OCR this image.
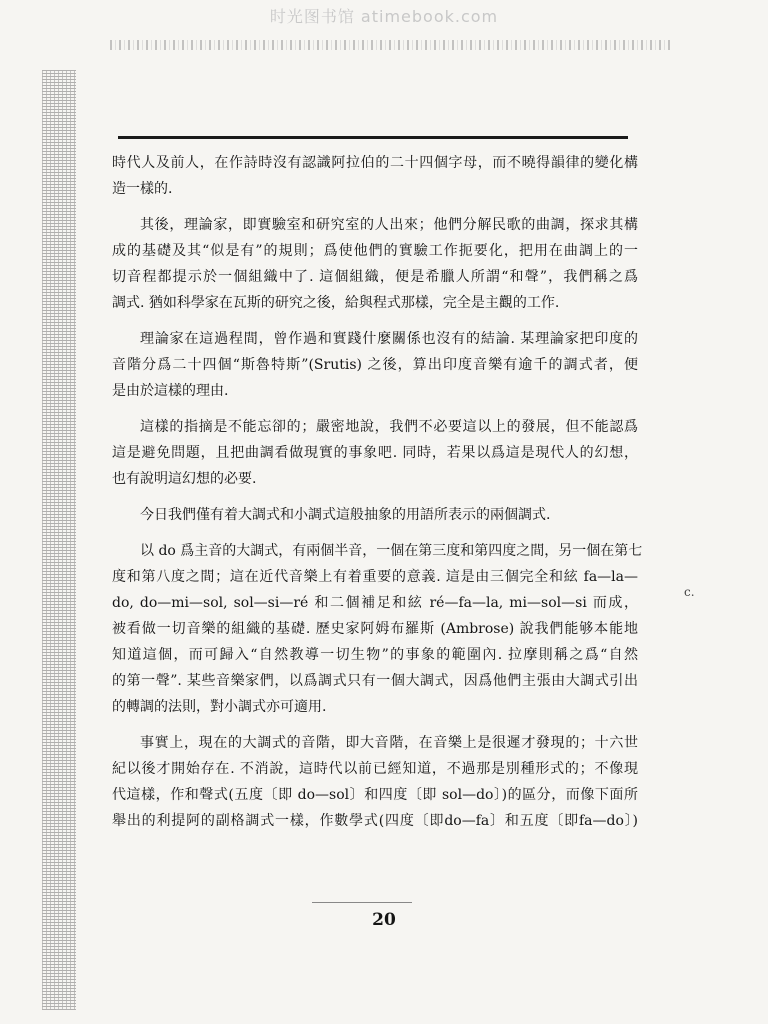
时光图书馆 atimebook.com
時代人及前人，在作詩時沒有認識阿拉伯的二十四個字母，而不曉得韻律的變化構
造一樣的.
其後，理論家，即實驗室和研究室的人出來；他們分解民歌的曲調，探求其構
成的基礎及其“似是有”的規則；爲使他們的實驗工作扼要化，把用在曲調上的一
切音程都提示於一個組織中了. 這個組織，便是希臘人所謂“和聲”，我們稱之爲
調式. 猶如科學家在瓦斯的研究之後，給與程式那樣，完全是主觀的工作.
理論家在這過程間，曾作過和實踐什麼關係也沒有的結論. 某理論家把印度的
音階分爲二十四個“斯魯特斯”(Srutis) 之後，算出印度音樂有逾千的調式者，便
是由於這樣的理由.
這樣的指摘是不能忘卻的；嚴密地說，我們不必要這以上的發展，但不能認爲
這是避免問題，且把曲調看做現實的事象吧. 同時，若果以爲這是現代人的幻想，
也有說明這幻想的必要.
今日我們僅有着大調式和小調式這般抽象的用語所表示的兩個調式.
以 do 爲主音的大調式，有兩個半音，一個在第三度和第四度之間，另一個在第七
度和第八度之間；這在近代音樂上有着重要的意義. 這是由三個完全和絃 fa—la—
do, do—mi—sol, sol—si—ré 和二個補足和絃 ré—fa—la, mi—sol—si 而成，
被看做一切音樂的組織的基礎. 歷史家阿姆布羅斯 (Ambrose) 說我們能够本能地
知道這個，而可歸入“自然教導一切生物”的事象的範圍內. 拉摩則稱之爲“自然
的第一聲”. 某些音樂家們，以爲調式只有一個大調式，因爲他們主張由大調式引出
的轉調的法則，對小調式亦可適用.
事實上，現在的大調式的音階，即大音階，在音樂上是很遲才發現的；十六世
紀以後才開始存在. 不消說，這時代以前已經知道，不過那是別種形式的；不像現
代這樣，作和聲式(五度〔即 do—sol〕和四度〔即 sol—do〕)的區分，而像下面所
舉出的利提阿的副格調式一樣，作數學式(四度〔即do—fa〕和五度〔即fa—do〕)
c.
20
